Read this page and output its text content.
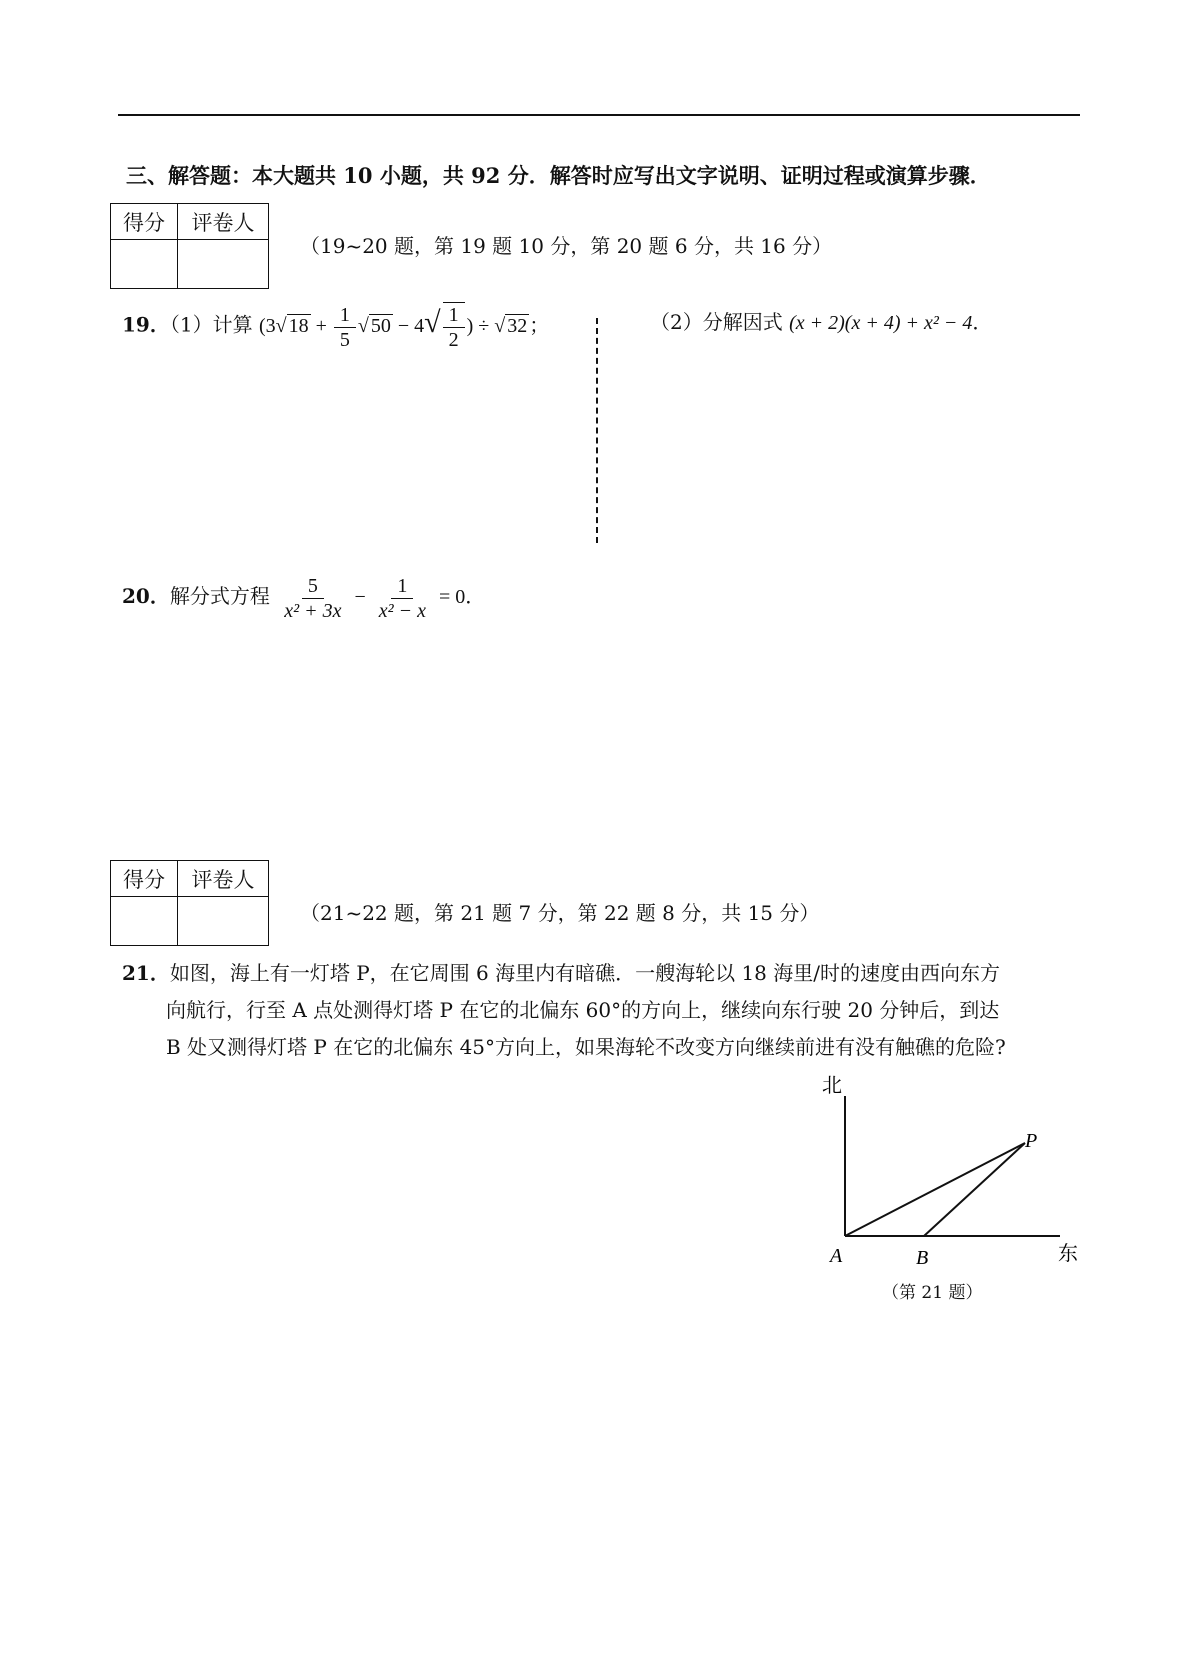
三、解答题：本大题共 10 小题，共 92 分．解答时应写出文字说明、证明过程或演算步骤．
得分	评卷人

（19~20 题，第 19 题 10 分，第 20 题 6 分，共 16 分）
19．（1）计算 (3√ $18 + \frac{1}{5}$ √ $50 - 4√ \frac{1}{2}$ ) ÷ √ 32 ；	（2）分解因式 (x + 2)(x + 4) + x² − 4．
20．解分式方程 $\frac{5}{\text{x² + 3x}} - \frac{1}{\text{x² − x}} = 0$．
得分	评卷人

（21~22 题，第 21 题 7 分，第 22 题 8 分，共 15 分）
21．如图，海上有一灯塔 P，在它周围 6 海里内有暗礁．一艘海轮以 18 海里/时的速度由西向东方
向航行，行至 A 点处测得灯塔 P 在它的北偏东 60°的方向上，继续向东行驶 20 分钟后，到达
B 处又测得灯塔 P 在它的北偏东 45°方向上，如果海轮不改变方向继续前进有没有触礁的危险?
北
东
A	B
P
（第 21 题）
